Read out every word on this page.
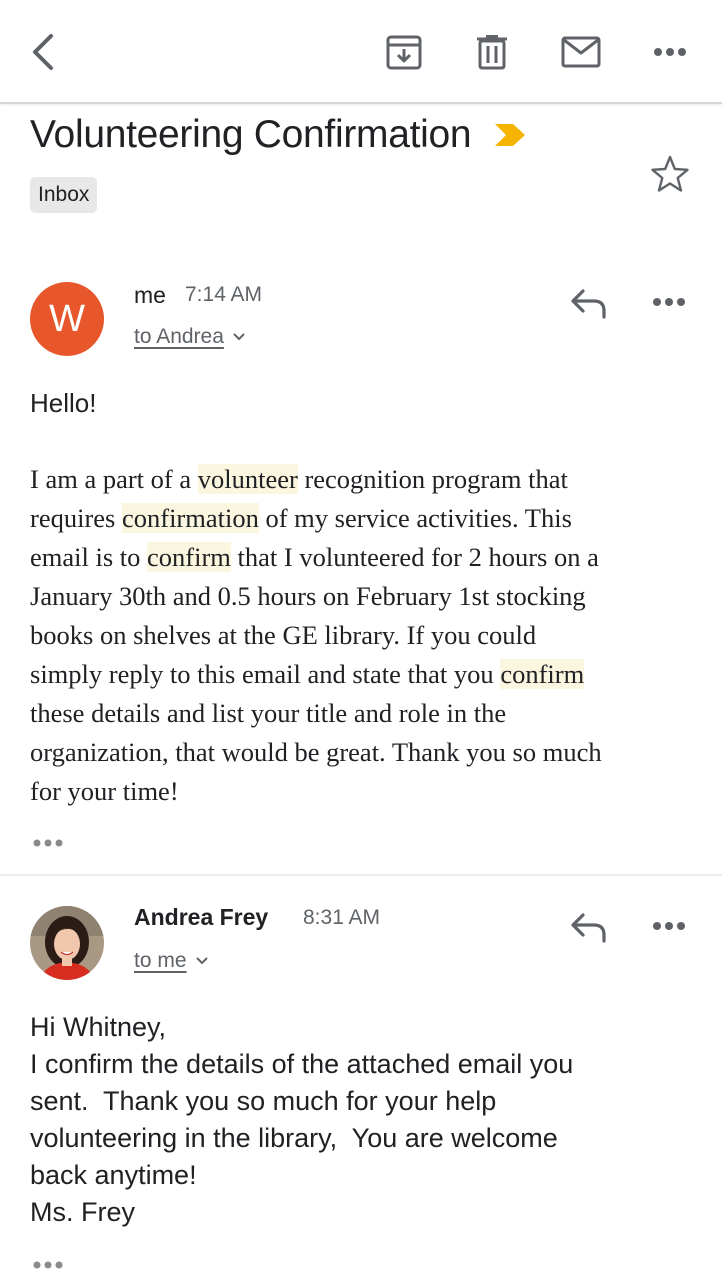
Volunteering Confirmation
Inbox
W
me 7:14 AM
to Andrea
Hello!
I am a part of a volunteer recognition program that
requires confirmation of my service activities. This
email is to confirm that I volunteered for 2 hours on a
January 30th and 0.5 hours on February 1st stocking
books on shelves at the GE library. If you could
simply reply to this email and state that you confirm
these details and list your title and role in the
organization, that would be great. Thank you so much
for your time!
Andrea Frey 8:31 AM
to me
Hi Whitney,
I confirm the details of the attached email you
sent.  Thank you so much for your help
volunteering in the library,  You are welcome
back anytime!
Ms. Frey
